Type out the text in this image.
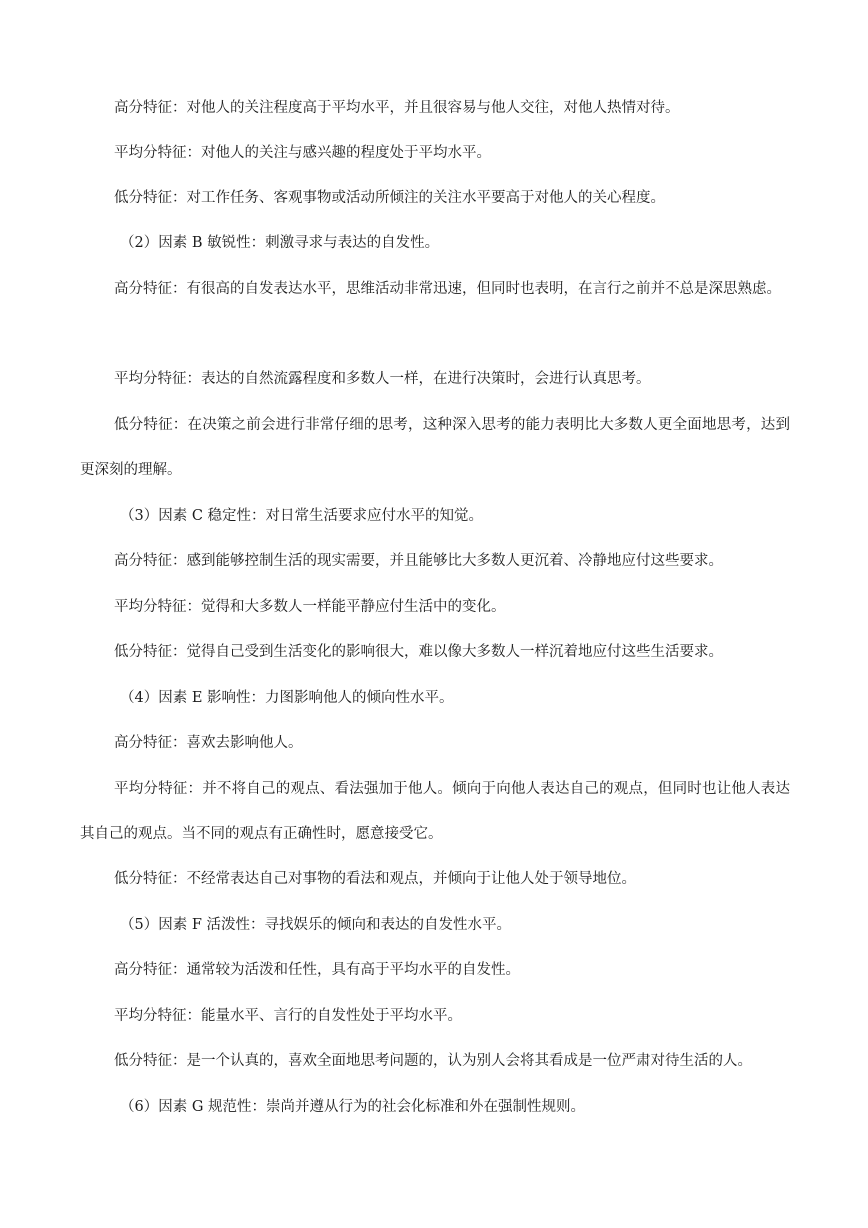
高分特征：对他人的关注程度高于平均水平，并且很容易与他人交往，对他人热情对待。

平均分特征：对他人的关注与感兴趣的程度处于平均水平。

低分特征：对工作任务、客观事物或活动所倾注的关注水平要高于对他人的关心程度。

（2）因素 B 敏锐性：刺激寻求与表达的自发性。

高分特征：有很高的自发表达水平，思维活动非常迅速，但同时也表明，在言行之前并不总是深思熟虑。

平均分特征：表达的自然流露程度和多数人一样，在进行决策时，会进行认真思考。

低分特征：在决策之前会进行非常仔细的思考，这种深入思考的能力表明比大多数人更全面地思考，达到更深刻的理解。

（3）因素 C 稳定性：对日常生活要求应付水平的知觉。

高分特征：感到能够控制生活的现实需要，并且能够比大多数人更沉着、冷静地应付这些要求。

平均分特征：觉得和大多数人一样能平静应付生活中的变化。

低分特征：觉得自己受到生活变化的影响很大，难以像大多数人一样沉着地应付这些生活要求。

（4）因素 E 影响性：力图影响他人的倾向性水平。

高分特征：喜欢去影响他人。

平均分特征：并不将自己的观点、看法强加于他人。倾向于向他人表达自己的观点，但同时也让他人表达其自己的观点。当不同的观点有正确性时，愿意接受它。

低分特征：不经常表达自己对事物的看法和观点，并倾向于让他人处于领导地位。

（5）因素 F 活泼性：寻找娱乐的倾向和表达的自发性水平。

高分特征：通常较为活泼和任性，具有高于平均水平的自发性。

平均分特征：能量水平、言行的自发性处于平均水平。

低分特征：是一个认真的，喜欢全面地思考问题的，认为别人会将其看成是一位严肃对待生活的人。

（6）因素 G 规范性：崇尚并遵从行为的社会化标准和外在强制性规则。
